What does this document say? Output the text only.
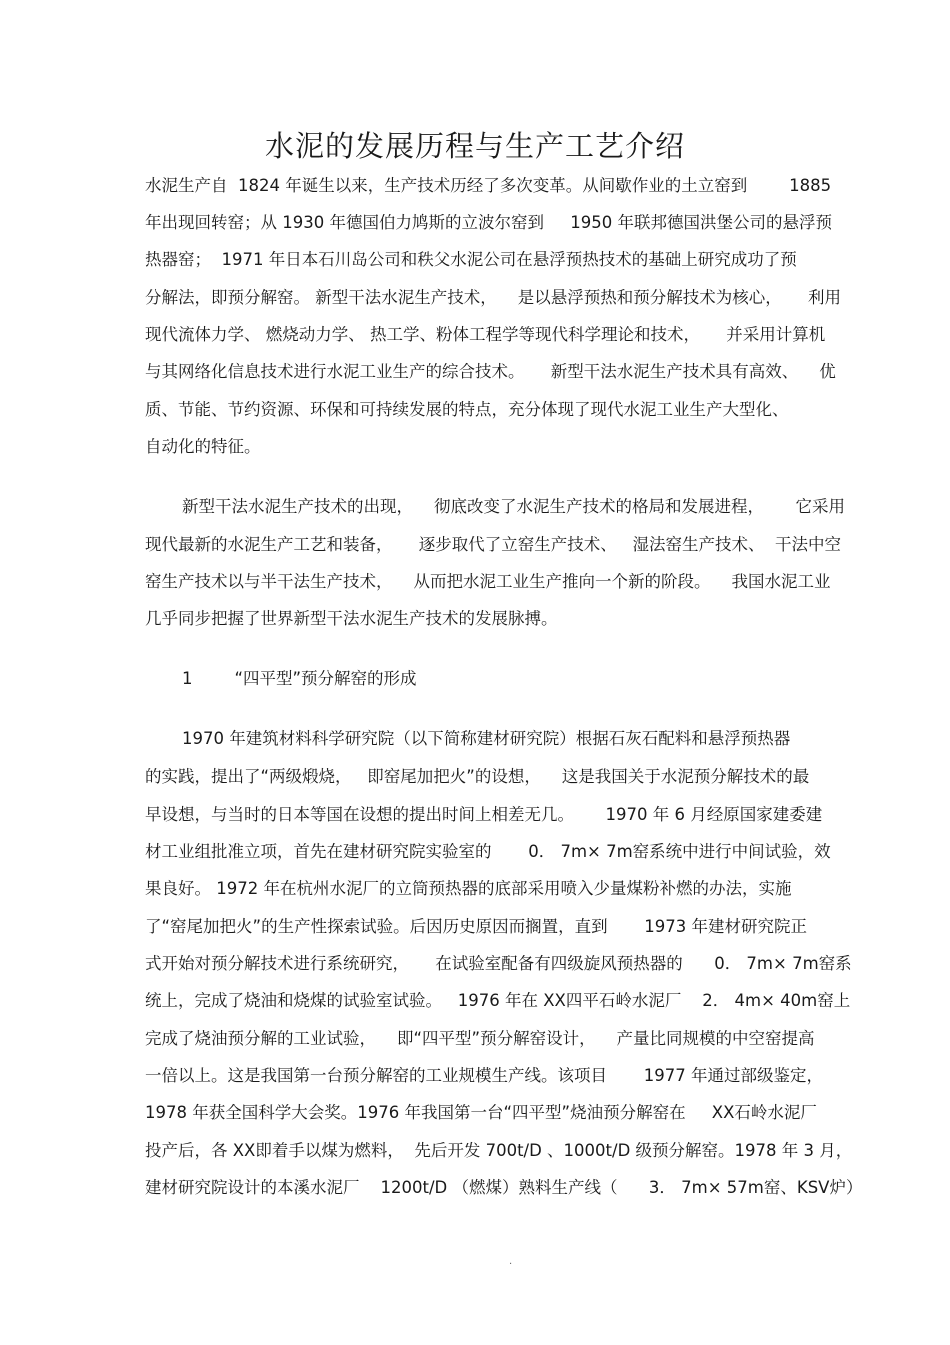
水泥的发展历程与生产工艺介绍
水泥生产自  1824 年诞生以来，生产技术历经了多次变革。从间歇作业的土立窑到        1885
年出现回转窑；从 1930 年德国伯力鸠斯的立波尔窑到     1950 年联邦德国洪堡公司的悬浮预
热器窑；  1971 年日本石川岛公司和秩父水泥公司在悬浮预热技术的基础上研究成功了预
分解法，即预分解窑。 新型干法水泥生产技术，    是以悬浮预热和预分解技术为核心，     利用
现代流体力学、 燃烧动力学、 热工学、粉体工程学等现代科学理论和技术，     并采用计算机
与其网络化信息技术进行水泥工业生产的综合技术。     新型干法水泥生产技术具有高效、    优
质、节能、节约资源、环保和可持续发展的特点，充分体现了现代水泥工业生产大型化、
自动化的特征。
新型干法水泥生产技术的出现，    彻底改变了水泥生产技术的格局和发展进程，      它采用
现代最新的水泥生产工艺和装备，     逐步取代了立窑生产技术、   湿法窑生产技术、  干法中空
窑生产技术以与半干法生产技术，    从而把水泥工业生产推向一个新的阶段。    我国水泥工业
几乎同步把握了世界新型干法水泥生产技术的发展脉搏。
1        “四平型”预分解窑的形成
1970 年建筑材料科学研究院（以下简称建材研究院）根据石灰石配料和悬浮预热器
的实践，提出了“两级煅烧，   即窑尾加把火”的设想，    这是我国关于水泥预分解技术的最
早设想，与当时的日本等国在设想的提出时间上相差无几。      1970 年 6 月经原国家建委建
材工业组批准立项，首先在建材研究院实验室的       0． 7m× 7m窑系统中进行中间试验，效
果良好。 1972 年在杭州水泥厂的立筒预热器的底部采用喷入少量煤粉补燃的办法，实施
了“窑尾加把火”的生产性探索试验。后因历史原因而搁置，直到       1973 年建材研究院正
式开始对预分解技术进行系统研究，     在试验室配备有四级旋风预热器的      0． 7m× 7m窑系
统上，完成了烧油和烧煤的试验室试验。   1976 年在 XX四平石岭水泥厂    2． 4m× 40m窑上
完成了烧油预分解的工业试验，    即“四平型”预分解窑设计，    产量比同规模的中空窑提高
一倍以上。这是我国第一台预分解窑的工业规模生产线。该项目       1977 年通过部级鉴定，
1978 年获全国科学大会奖。1976 年我国第一台“四平型”烧油预分解窑在     XX石岭水泥厂
投产后，各 XX即着手以煤为燃料，  先后开发 700t/D 、1000t/D 级预分解窑。1978 年 3 月，
建材研究院设计的本溪水泥厂    1200t/D （燃煤）熟料生产线（      3． 7m× 57m窑、KSV炉）
.
